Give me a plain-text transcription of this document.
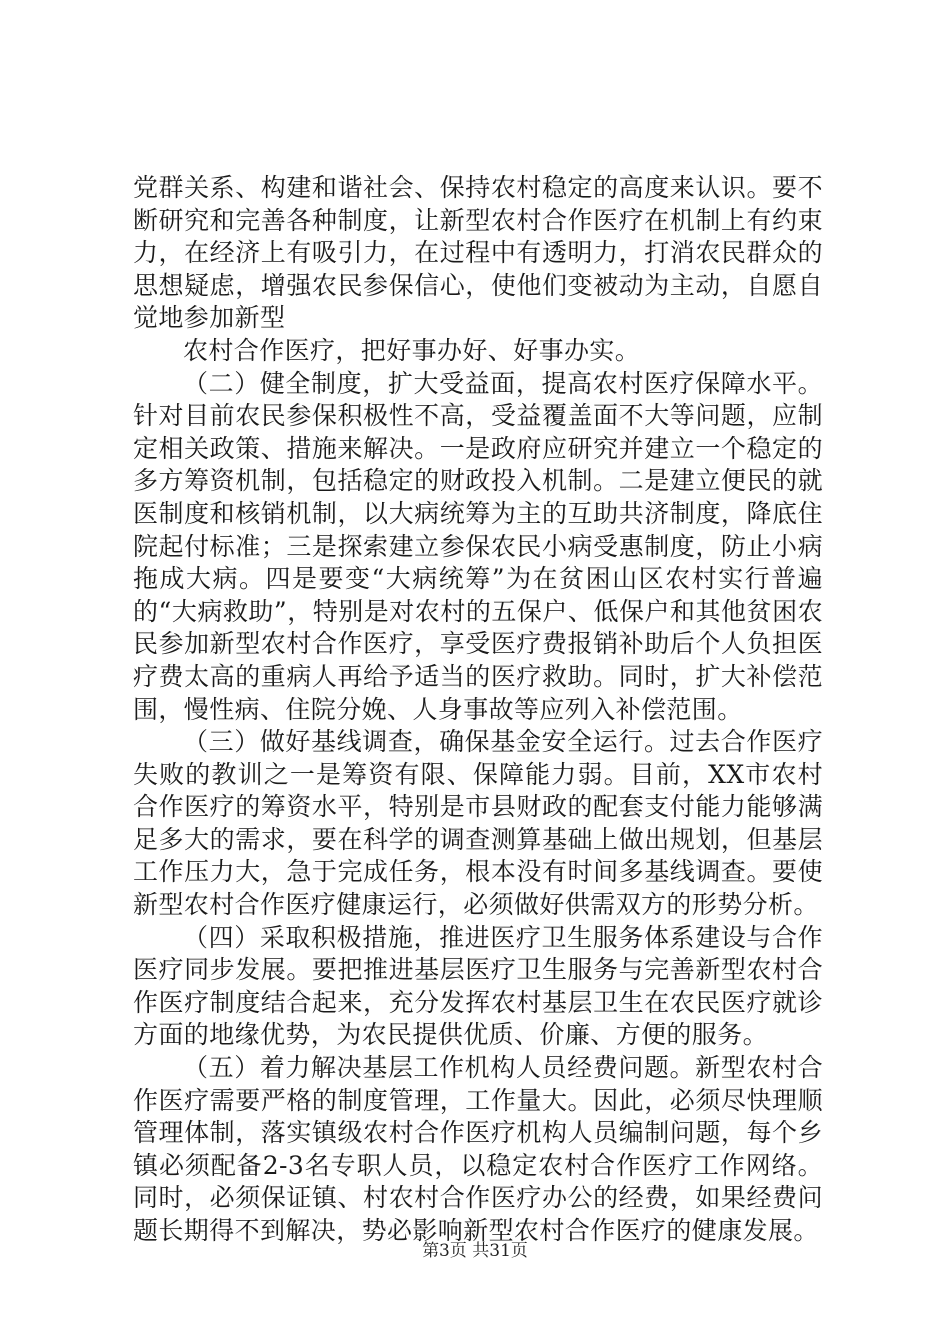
党群关系、构建和谐社会、保持农村稳定的高度来认识。要不断研究和完善各种制度，让新型农村合作医疗在机制上有约束力，在经济上有吸引力，在过程中有透明力，打消农民群众的思想疑虑，增强农民参保信心，使他们变被动为主动，自愿自觉地参加新型

农村合作医疗，把好事办好、好事办实。

（二）健全制度，扩大受益面，提高农村医疗保障水平。针对目前农民参保积极性不高，受益覆盖面不大等问题，应制定相关政策、措施来解决。一是政府应研究并建立一个稳定的多方筹资机制，包括稳定的财政投入机制。二是建立便民的就医制度和核销机制，以大病统筹为主的互助共济制度，降底住院起付标准；三是探索建立参保农民小病受惠制度，防止小病拖成大病。四是要变“大病统筹”为在贫困山区农村实行普遍的“大病救助”，特别是对农村的五保户、低保户和其他贫困农民参加新型农村合作医疗，享受医疗费报销补助后个人负担医疗费太高的重病人再给予适当的医疗救助。同时，扩大补偿范围，慢性病、住院分娩、人身事故等应列入补偿范围。

（三）做好基线调查，确保基金安全运行。过去合作医疗失败的教训之一是筹资有限、保障能力弱。目前，XX市农村合作医疗的筹资水平，特别是市县财政的配套支付能力能够满足多大的需求，要在科学的调查测算基础上做出规划，但基层工作压力大，急于完成任务，根本没有时间多基线调查。要使新型农村合作医疗健康运行，必须做好供需双方的形势分析。

（四）采取积极措施，推进医疗卫生服务体系建设与合作医疗同步发展。要把推进基层医疗卫生服务与完善新型农村合作医疗制度结合起来，充分发挥农村基层卫生在农民医疗就诊方面的地缘优势，为农民提供优质、价廉、方便的服务。

（五）着力解决基层工作机构人员经费问题。新型农村合作医疗需要严格的制度管理，工作量大。因此，必须尽快理顺管理体制，落实镇级农村合作医疗机构人员编制问题，每个乡镇必须配备2-3名专职人员，以稳定农村合作医疗工作网络。同时，必须保证镇、村农村合作医疗办公的经费，如果经费问题长期得不到解决，势必影响新型农村合作医疗的健康发展。

第3页 共31页
